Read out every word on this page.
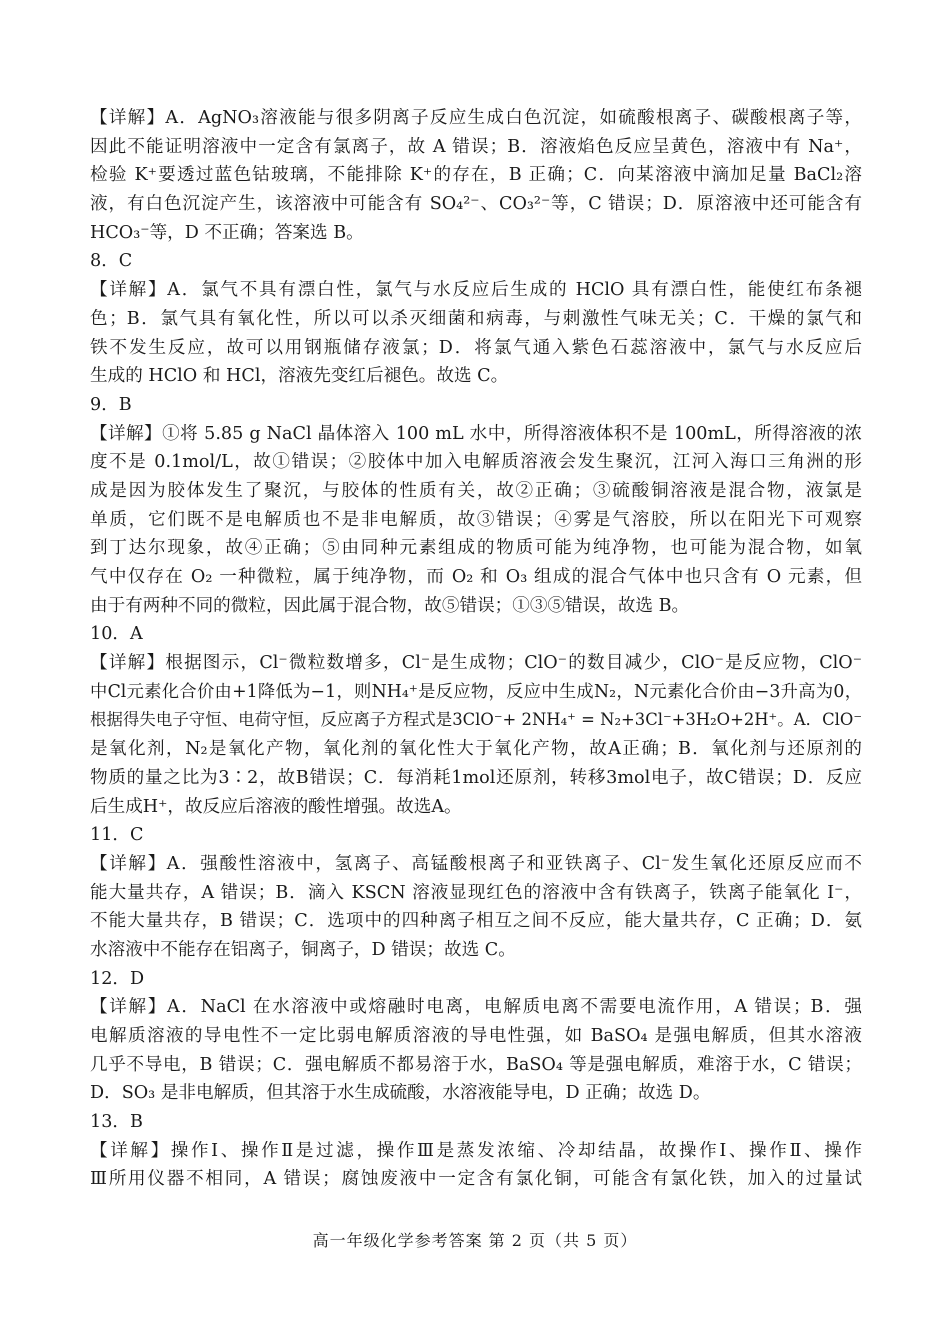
【详解】A．AgNO₃溶液能与很多阴离子反应生成白色沉淀，如硫酸根离子、碳酸根离子等，
因此不能证明溶液中一定含有氯离子，故 A 错误；B．溶液焰色反应呈黄色，溶液中有 Na⁺，
检验 K⁺要透过蓝色钴玻璃，不能排除 K⁺的存在，B 正确；C．向某溶液中滴加足量 BaCl₂溶
液，有白色沉淀产生，该溶液中可能含有 SO₄²⁻、CO₃²⁻等，C 错误；D．原溶液中还可能含有
HCO₃⁻等，D 不正确；答案选 B。
8．C
【详解】A．氯气不具有漂白性，氯气与水反应后生成的 HClO 具有漂白性，能使红布条褪
色；B．氯气具有氧化性，所以可以杀灭细菌和病毒，与刺激性气味无关；C．干燥的氯气和
铁不发生反应，故可以用钢瓶储存液氯；D．将氯气通入紫色石蕊溶液中，氯气与水反应后
生成的 HClO 和 HCl，溶液先变红后褪色。故选 C。
9．B
【详解】①将 5.85 g NaCl 晶体溶入 100 mL 水中，所得溶液体积不是 100mL，所得溶液的浓
度不是 0.1mol/L，故①错误；②胶体中加入电解质溶液会发生聚沉，江河入海口三角洲的形
成是因为胶体发生了聚沉，与胶体的性质有关，故②正确；③硫酸铜溶液是混合物，液氯是
单质，它们既不是电解质也不是非电解质，故③错误；④雾是气溶胶，所以在阳光下可观察
到丁达尔现象，故④正确；⑤由同种元素组成的物质可能为纯净物，也可能为混合物，如氧
气中仅存在 O₂ 一种微粒，属于纯净物，而 O₂ 和 O₃ 组成的混合气体中也只含有 O 元素，但
由于有两种不同的微粒，因此属于混合物，故⑤错误；①③⑤错误，故选 B。
10．A
【详解】根据图示，Cl⁻微粒数增多，Cl⁻是生成物；ClO⁻的数目减少，ClO⁻是反应物，ClO⁻
中Cl元素化合价由+1降低为−1，则NH₄⁺是反应物，反应中生成N₂，N元素化合价由−3升高为0，
根据得失电子守恒、电荷守恒，反应离子方程式是3ClO⁻+ 2NH₄⁺ = N₂+3Cl⁻+3H₂O+2H⁺。A．ClO⁻
是氧化剂，N₂是氧化产物，氧化剂的氧化性大于氧化产物，故A正确；B．氧化剂与还原剂的
物质的量之比为3∶2，故B错误；C．每消耗1mol还原剂，转移3mol电子，故C错误；D．反应
后生成H⁺，故反应后溶液的酸性增强。故选A。
11．C
【详解】A．强酸性溶液中，氢离子、高锰酸根离子和亚铁离子、Cl⁻发生氧化还原反应而不
能大量共存，A 错误；B．滴入 KSCN 溶液显现红色的溶液中含有铁离子，铁离子能氧化 I⁻，
不能大量共存，B 错误；C．选项中的四种离子相互之间不反应，能大量共存，C 正确；D．氨
水溶液中不能存在铝离子，铜离子，D 错误；故选 C。
12．D
【详解】A．NaCl 在水溶液中或熔融时电离，电解质电离不需要电流作用，A 错误；B．强
电解质溶液的导电性不一定比弱电解质溶液的导电性强，如 BaSO₄ 是强电解质，但其水溶液
几乎不导电，B 错误；C．强电解质不都易溶于水，BaSO₄ 等是强电解质，难溶于水，C 错误；
D．SO₃ 是非电解质，但其溶于水生成硫酸，水溶液能导电，D 正确；故选 D。
13．B
【详解】操作Ⅰ、操作Ⅱ是过滤，操作Ⅲ是蒸发浓缩、冷却结晶，故操作Ⅰ、操作Ⅱ、操作
Ⅲ所用仪器不相同，A 错误；腐蚀废液中一定含有氯化铜，可能含有氯化铁，加入的过量试
高一年级化学参考答案 第 2 页（共 5 页）
